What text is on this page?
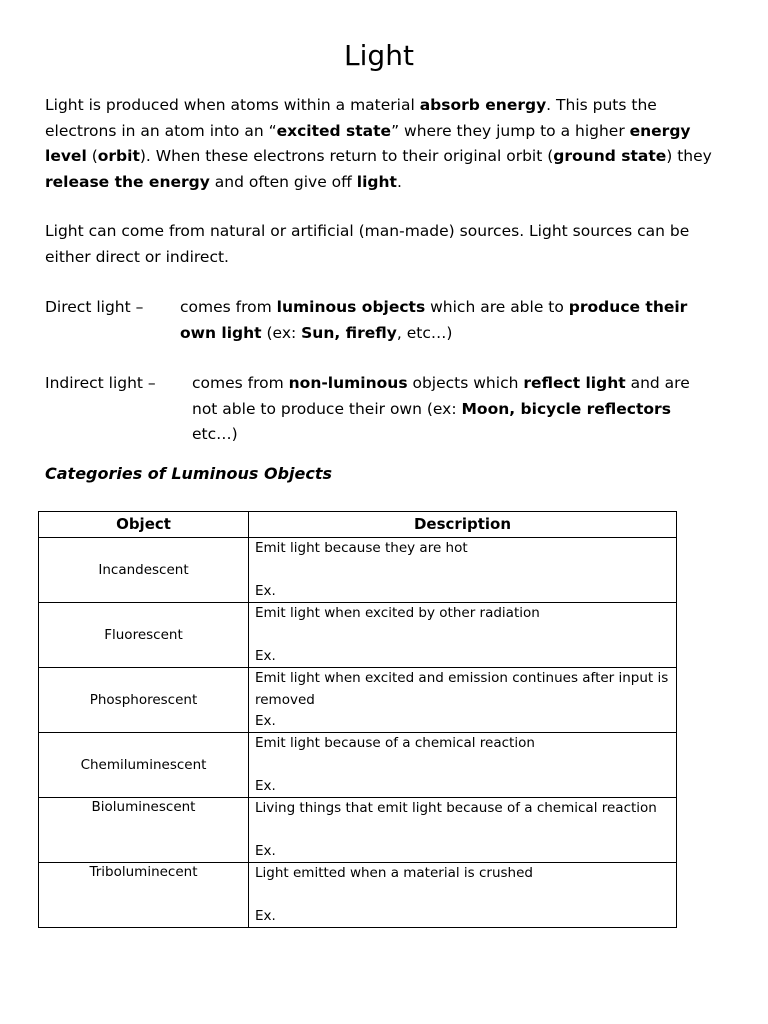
Light

Light is produced when atoms within a material absorb energy. This puts the electrons in an atom into an “excited state” where they jump to a higher energy level (orbit). When these electrons return to their original orbit (ground state) they release the energy and often give off light.

Light can come from natural or artificial (man-made) sources. Light sources can be either direct or indirect.

Direct light – comes from luminous objects which are able to produce their own light (ex: Sun, firefly, etc…)

Indirect light – comes from non-luminous objects which reflect light and are not able to produce their own (ex: Moon, bicycle reflectors etc…)

Categories of Luminous Objects
Object	Description

Incandescent	Emit light because they are hot
Ex.

Fluorescent	Emit light when excited by other radiation
Ex.

Phosphorescent	Emit light when excited and emission continues after input is removed
Ex.

Chemiluminescent	Emit light because of a chemical reaction
Ex.

Bioluminescent	Living things that emit light because of a chemical reaction
Ex.

Triboluminecent	Light emitted when a material is crushed
Ex.
